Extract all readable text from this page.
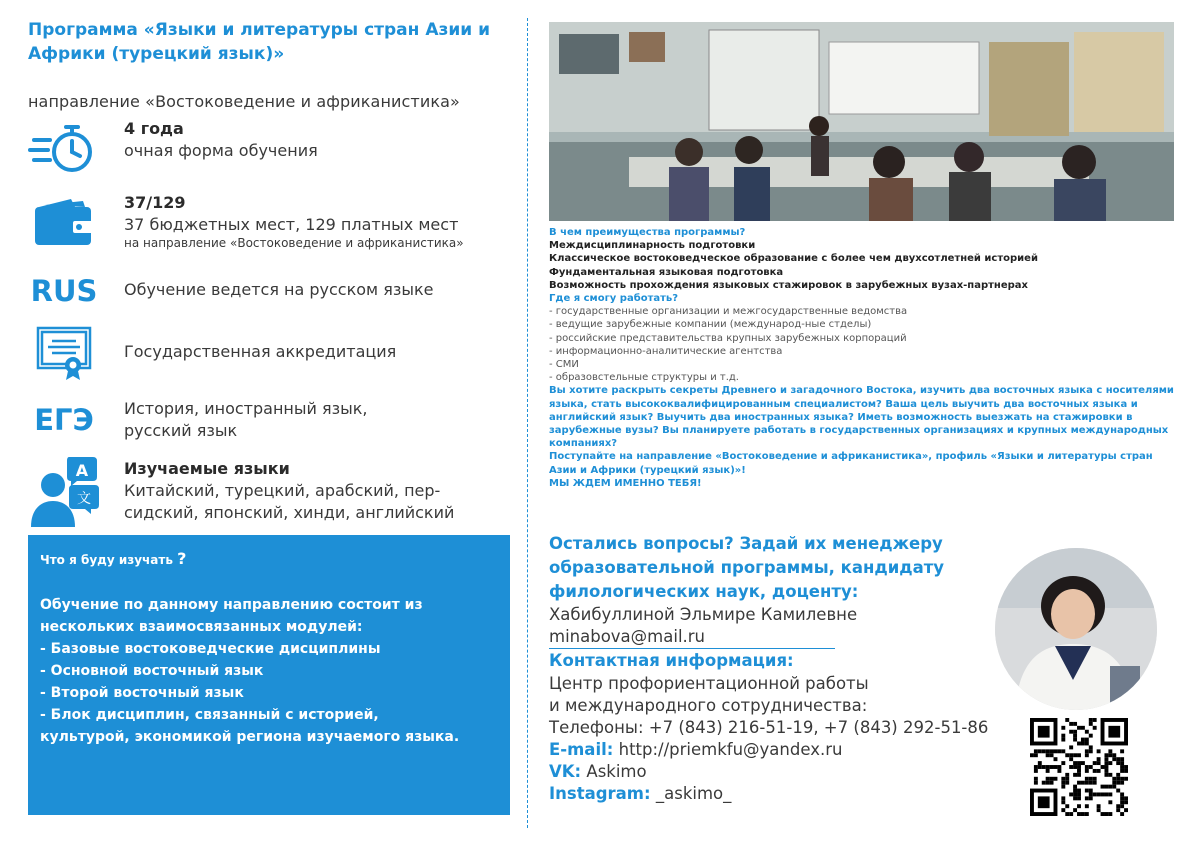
Программа «Языки и литературы стран Азии и Африки (турецкий язык)»
направление «Востоковедение и африканистика»
4 года
очная форма обучения
37/129
37 бюджетных мест, 129 платных мест
на направление «Востоковедение и африканистика»
RUS Обучение ведется на русском языке
Государственная аккредитация
ЕГЭ История, иностранный язык,
русский язык
A
文
Изучаемые языки
Китайский, турецкий, арабский, пер-
сидский, японский, хинди, английский
Что я буду изучать ?
Обучение по данному направлению состоит из
нескольких взаимосвязанных модулей:
- Базовые востоковедческие дисциплины
- Основной восточный язык
- Второй восточный язык
- Блок дисциплин, связанный с историей,
культурой, экономикой региона изучаемого языка.
В чем преимущества программы?
Междисциплинарность подготовки
Классическое востоковедческое образование с более чем двухсотлетней историей
Фундаментальная языковая подготовка
Возможность прохождения языковых стажировок в зарубежных вузах-партнерах
Где я смогу работать?
- государственные организации и межгосударственные ведомства
- ведущие зарубежные компании (международ-ные стделы)
- российские представительства крупных зарубежных корпораций
- информационно-аналитические агентства
- СМИ
- образовстельные структуры и т.д.
Вы хотите раскрыть секреты Древнего и загадочного Востока, изучить два восточных языка с носителями
языка, стать высококвалифицированным специалистом? Ваша цель выучить два восточных языка и
английский язык? Выучить два иностранных языка? Иметь возможность выезжать на стажировки в
зарубежные вузы? Вы планируете работать в государственных организациях и крупных международных
компаниях?
Поступайте на направление «Востоковедение и африканистика», профиль «Языки и литературы стран
Азии и Африки (турецкий язык)»!
МЫ ЖДЕМ ИМЕННО ТЕБЯ!
Остались вопросы? Задай их менеджеру
образовательной программы, кандидату
филологических наук, доценту:
Хабибуллиной Эльмире Камилевне
minabova@mail.ru
Контактная информация:
Центр профориентационной работы
и международного сотрудничества:
Телефоны: +7 (843) 216-51-19, +7 (843) 292-51-86
E-mail: http://priemkfu@yandex.ru
VK: Askimo
Instagram: _askimo_
